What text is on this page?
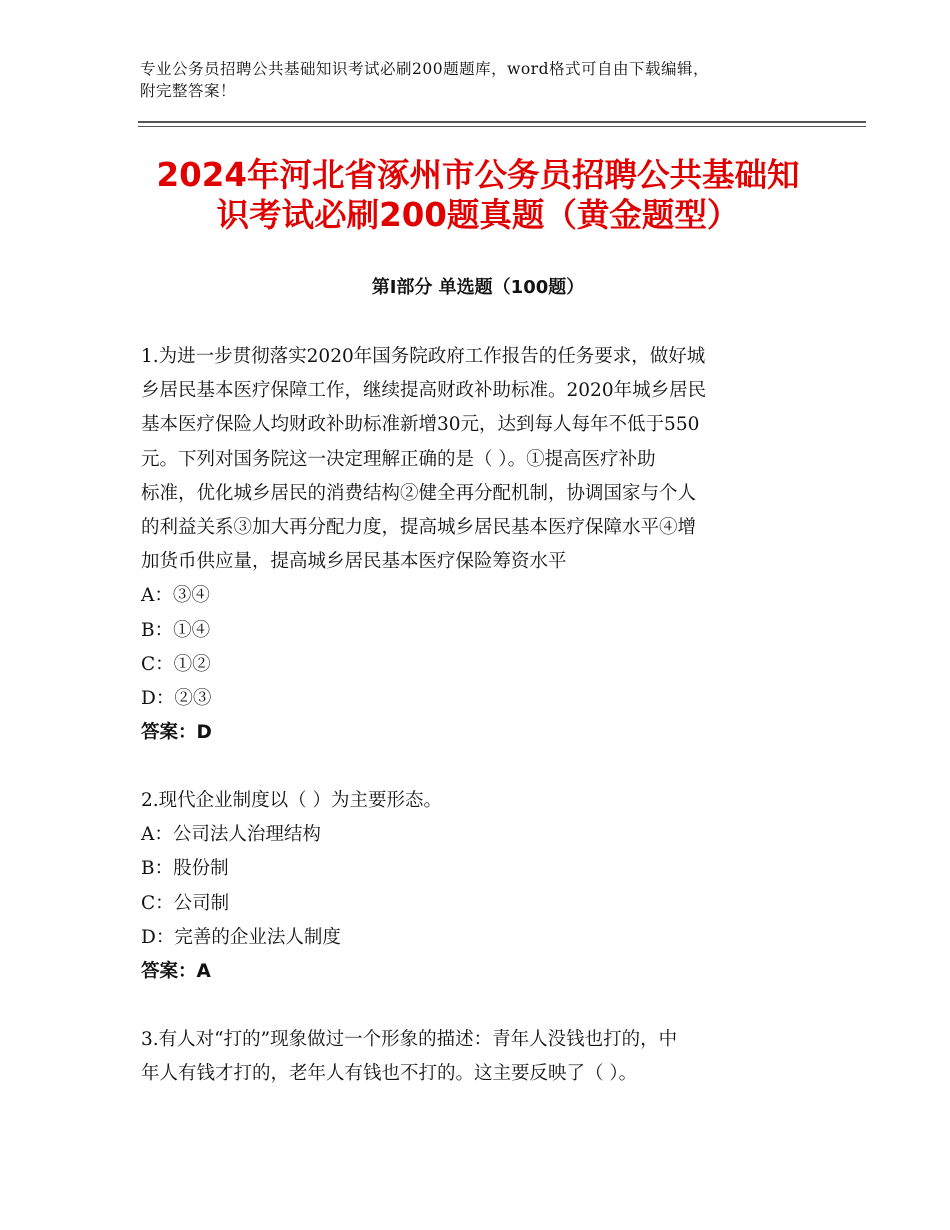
专业公务员招聘公共基础知识考试必刷200题题库，word格式可自由下载编辑，
附完整答案！
2024年河北省涿州市公务员招聘公共基础知
识考试必刷200题真题（黄金题型）
第I部分 单选题（100题）
1.为进一步贯彻落实2020年国务院政府工作报告的任务要求，做好城
乡居民基本医疗保障工作，继续提高财政补助标准。2020年城乡居民
基本医疗保险人均财政补助标准新增30元，达到每人每年不低于550
元。下列对国务院这一决定理解正确的是（ ）。①提高医疗补助
标准，优化城乡居民的消费结构②健全再分配机制，协调国家与个人
的利益关系③加大再分配力度，提高城乡居民基本医疗保障水平④增
加货币供应量，提高城乡居民基本医疗保险筹资水平
A：③④
B：①④
C：①②
D：②③
答案：D
2.现代企业制度以（ ）为主要形态。
A：公司法人治理结构
B：股份制
C：公司制
D：完善的企业法人制度
答案：A
3.有人对“打的”现象做过一个形象的描述：青年人没钱也打的，中
年人有钱才打的，老年人有钱也不打的。这主要反映了（ ）。
